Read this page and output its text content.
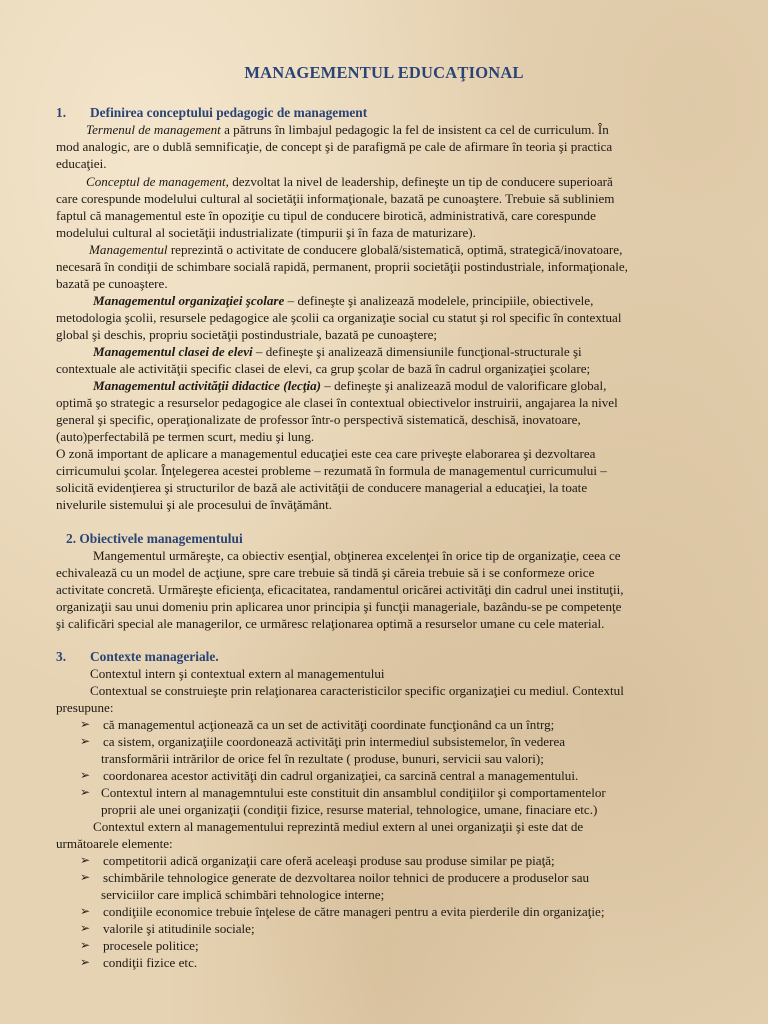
MANAGEMENTUL EDUCAŢIONAL
1. Definirea conceptului pedagogic de management
Termenul de management a pătruns în limbajul pedagogic la fel de insistent ca cel de curriculum. În
mod analogic, are o dublă semnificaţie, de concept şi de parafigmă pe cale de afirmare în teoria şi practica
educaţiei.
Conceptul de management, dezvoltat la nivel de leadership, defineşte un tip de conducere superioară
care corespunde modelului cultural al societăţii informaţionale, bazată pe cunoaştere. Trebuie să subliniem
faptul că managementul este în opoziţie cu tipul de conducere birotică, administrativă, care corespunde
modelului cultural al societăţii industrializate (timpurii şi în faza de maturizare).
Managementul reprezintă o activitate de conducere globală/sistematică, optimă, strategică/inovatoare,
necesară în condiţii de schimbare socială rapidă, permanent, proprii societăţii postindustriale, informaţionale,
bazată pe cunoaştere.
Managementul organizaţiei şcolare – defineşte şi analizează modelele, principiile, obiectivele,
metodologia şcolii, resursele pedagogice ale şcolii ca organizaţie social cu statut şi rol specific în contextual
global şi deschis, propriu societăţii postindustriale, bazată pe cunoaştere;
Managementul clasei de elevi – defineşte şi analizează dimensiunile funcţional-structurale şi
contextuale ale activităţii specific clasei de elevi, ca grup şcolar de bază în cadrul organizaţiei şcolare;
Managementul activităţii didactice (lecţia) – defineşte şi analizează modul de valorificare global,
optimă şo strategic a resurselor pedagogice ale clasei în contextual obiectivelor instruirii, angajarea la nivel
general şi specific, operaţionalizate de professor într-o perspectivă sistematică, deschisă, inovatoare,
(auto)perfectabilă pe termen scurt, mediu şi lung.
O zonă important de aplicare a managementul educaţiei este cea care priveşte elaborarea şi dezvoltarea
cirricumului şcolar. Înţelegerea acestei probleme – rezumată în formula de managementul curricumului –
solicită evidenţierea şi structurilor de bază ale activităţii de conducere managerial a educaţiei, la toate
nivelurile sistemului şi ale procesului de învăţământ.
2. Obiectivele managementului
Mangementul urmăreşte, ca obiectiv esenţial, obţinerea excelenţei în orice tip de organizaţie, ceea ce
echivalează cu un model de acţiune, spre care trebuie să tindă şi căreia trebuie să i se conformeze orice
activitate concretă. Urmăreşte eficienţa, eficacitatea, randamentul oricărei activităţi din cadrul unei instituţii,
organizaţii sau unui domeniu prin aplicarea unor principia şi funcţii manageriale, bazându-se pe competenţe
şi calificări special ale managerilor, ce urmăresc relaţionarea optimă a resurselor umane cu cele material.
3. Contexte manageriale.
Contextul intern şi contextual extern al managementului
Contextual se construieşte prin relaţionarea caracteristicilor specific organizaţiei cu mediul. Contextul
presupune:
➢ că managementul acţionează ca un set de activităţi coordinate funcţionând ca un întrg;
➢ ca sistem, organizaţiile coordonează activităţi prin intermediul subsistemelor, în vederea
transformării intrărilor de orice fel în rezultate ( produse, bunuri, servicii sau valori);
➢ coordonarea acestor activităţi din cadrul organizaţiei, ca sarcină central a managementului.
➢ Contextul intern al managemntului este constituit din ansamblul condiţiilor şi comportamentelor
proprii ale unei organizaţii (condiţii fizice, resurse material, tehnologice, umane, finaciare etc.)
Contextul extern al managementului reprezintă mediul extern al unei organizaţii şi este dat de
următoarele elemente:
➢ competitorii adică organizaţii care oferă aceleaşi produse sau produse similar pe piaţă;
➢ schimbările tehnologice generate de dezvoltarea noilor tehnici de producere a produselor sau
serviciilor care implică schimbări tehnologice interne;
➢ condiţiile economice trebuie înţelese de către manageri pentru a evita pierderile din organizaţie;
➢ valorile şi atitudinile sociale;
➢ procesele politice;
➢ condiţii fizice etc.
